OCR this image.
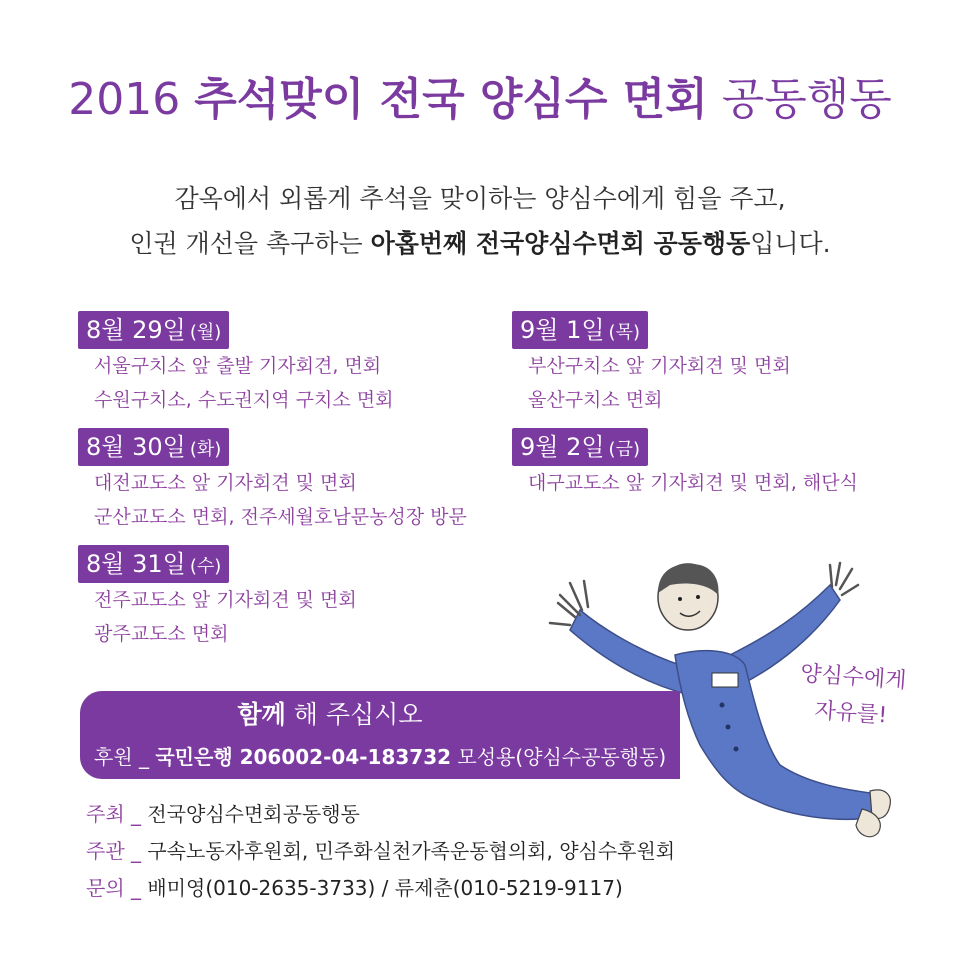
2016 추석맞이 전국 양심수 면회 공동행동
감옥에서 외롭게 추석을 맞이하는 양심수에게 힘을 주고,
인권 개선을 촉구하는 아홉번째 전국양심수면회 공동행동입니다.
8월 29일 (월)
서울구치소 앞 출발 기자회견, 면회
수원구치소, 수도권지역 구치소 면회
8월 30일 (화)
대전교도소 앞 기자회견 및 면회
군산교도소 면회, 전주세월호남문농성장 방문
8월 31일 (수)
전주교도소 앞 기자회견 및 면회
광주교도소 면회
9월 1일 (목)
부산구치소 앞 기자회견 및 면회
울산구치소 면회
9월 2일 (금)
대구교도소 앞 기자회견 및 면회, 해단식
양심수에게
자유를!
함께 해 주십시오
후원 _ 국민은행 206002-04-183732 모성용(양심수공동행동)
주최 _ 전국양심수면회공동행동
주관 _ 구속노동자후원회, 민주화실천가족운동협의회, 양심수후원회
문의 _ 배미영(010-2635-3733) / 류제춘(010-5219-9117)
